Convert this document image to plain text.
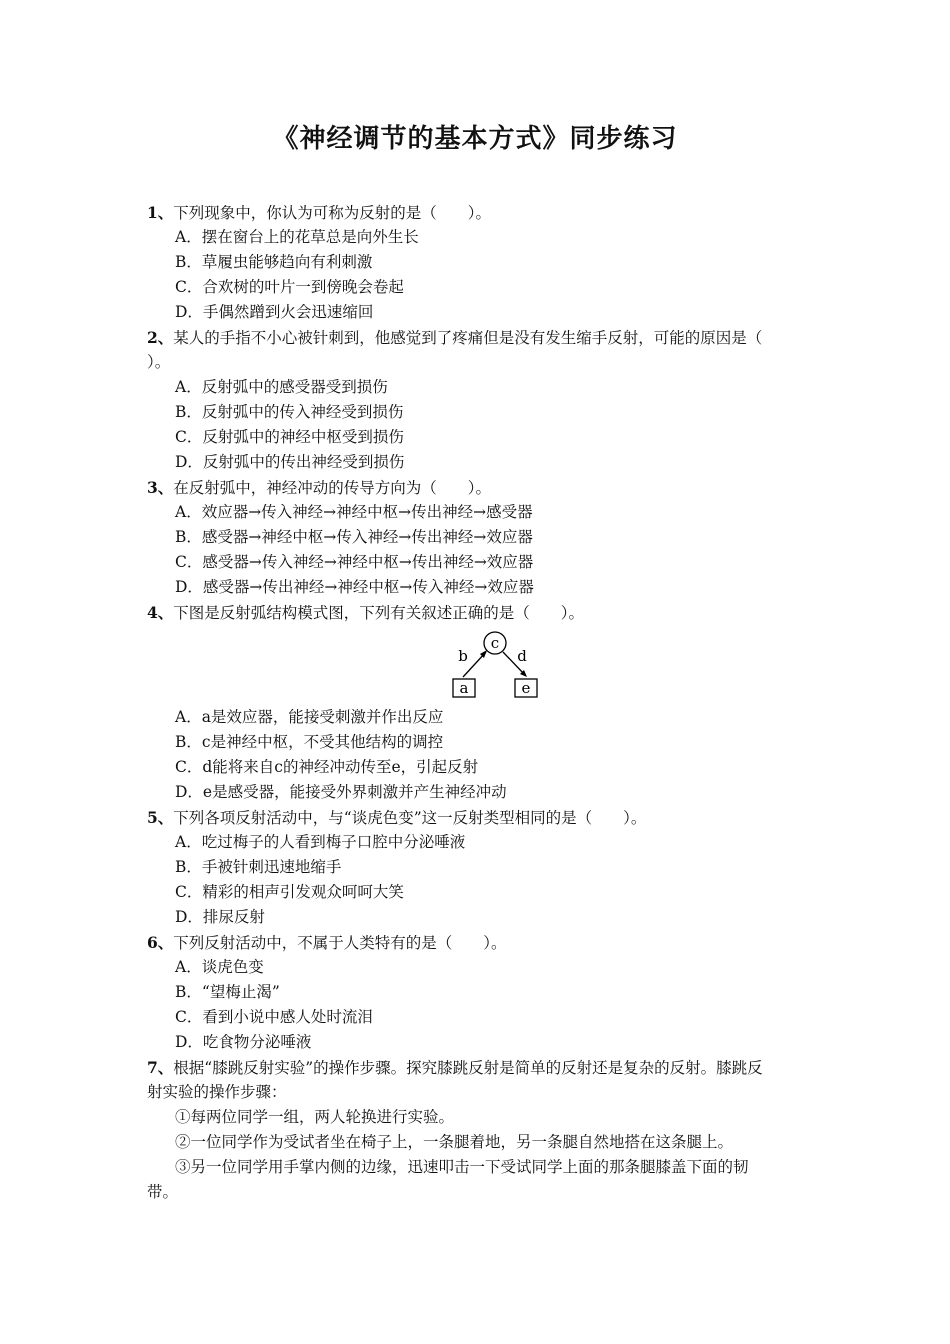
《神经调节的基本方式》同步练习
1、下列现象中，你认为可称为反射的是（　　）。
A．摆在窗台上的花草总是向外生长
B．草履虫能够趋向有利刺激
C．合欢树的叶片一到傍晚会卷起
D．手偶然蹭到火会迅速缩回
2、某人的手指不小心被针刺到，他感觉到了疼痛但是没有发生缩手反射，可能的原因是（
）。
A．反射弧中的感受器受到损伤
B．反射弧中的传入神经受到损伤
C．反射弧中的神经中枢受到损伤
D．反射弧中的传出神经受到损伤
3、在反射弧中，神经冲动的传导方向为（　　）。
A．效应器→传入神经→神经中枢→传出神经→感受器
B．感受器→神经中枢→传入神经→传出神经→效应器
C．感受器→传入神经→神经中枢→传出神经→效应器
D．感受器→传出神经→神经中枢→传入神经→效应器
4、下图是反射弧结构模式图，下列有关叙述正确的是（　　）。
c
b	d
a	e
A．a是效应器，能接受刺激并作出反应
B．c是神经中枢，不受其他结构的调控
C．d能将来自c的神经冲动传至e，引起反射
D．e是感受器，能接受外界刺激并产生神经冲动
5、下列各项反射活动中，与“谈虎色变”这一反射类型相同的是（　　）。
A．吃过梅子的人看到梅子口腔中分泌唾液
B．手被针刺迅速地缩手
C．精彩的相声引发观众呵呵大笑
D．排尿反射
6、下列反射活动中，不属于人类特有的是（　　）。
A．谈虎色变
B．“望梅止渴”
C．看到小说中感人处时流泪
D．吃食物分泌唾液
7、根据“膝跳反射实验”的操作步骤。探究膝跳反射是简单的反射还是复杂的反射。膝跳反
射实验的操作步骤：
①每两位同学一组，两人轮换进行实验。
②一位同学作为受试者坐在椅子上，一条腿着地，另一条腿自然地搭在这条腿上。
③另一位同学用手掌内侧的边缘，迅速叩击一下受试同学上面的那条腿膝盖下面的韧
带。
